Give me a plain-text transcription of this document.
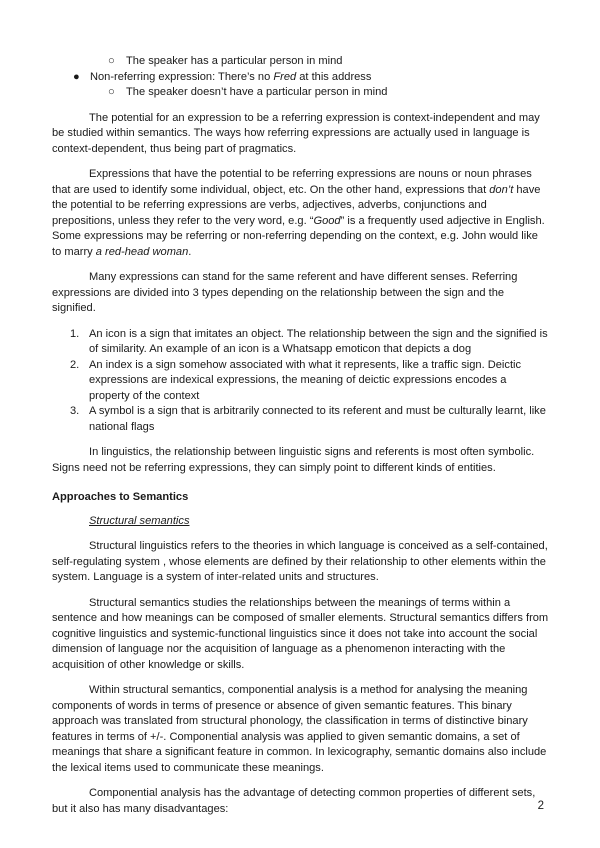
○ The speaker has a particular person in mind
● Non-referring expression: There’s no Fred at this address
○ The speaker doesn’t have a particular person in mind

The potential for an expression to be a referring expression is context-independent and may be studied within semantics. The ways how referring expressions are actually used in language is context-dependent, thus being part of pragmatics.

Expressions that have the potential to be referring expressions are nouns or noun phrases that are used to identify some individual, object, etc. On the other hand, expressions that don’t have the potential to be referring expressions are verbs, adjectives, adverbs, conjunctions and prepositions, unless they refer to the very word, e.g. “Good” is a frequently used adjective in English. Some expressions may be referring or non-referring depending on the context, e.g. John would like to marry a red-head woman.

Many expressions can stand for the same referent and have different senses. Referring expressions are divided into 3 types depending on the relationship between the sign and the signified.

1. An icon is a sign that imitates an object. The relationship between the sign and the signified is of similarity. An example of an icon is a Whatsapp emoticon that depicts a dog
2. An index is a sign somehow associated with what it represents, like a traffic sign. Deictic expressions are indexical expressions, the meaning of deictic expressions encodes a property of the context
3. A symbol is a sign that is arbitrarily connected to its referent and must be culturally learnt, like national flags

In linguistics, the relationship between linguistic signs and referents is most often symbolic. Signs need not be referring expressions, they can simply point to different kinds of entities.

Approaches to Semantics
Structural semantics

Structural linguistics refers to the theories in which language is conceived as a self-contained, self-regulating system , whose elements are defined by their relationship to other elements within the system. Language is a system of inter-related units and structures.

Structural semantics studies the relationships between the meanings of terms within a sentence and how meanings can be composed of smaller elements. Structural semantics differs from cognitive linguistics and systemic-functional linguistics since it does not take into account the social dimension of language nor the acquisition of language as a phenomenon interacting with the acquisition of other knowledge or skills.

Within structural semantics, componential analysis is a method for analysing the meaning components of words in terms of presence or absence of given semantic features. This binary approach was translated from structural phonology, the classification in terms of distinctive binary features in terms of +/-. Componential analysis was applied to given semantic domains, a set of meanings that share a significant feature in common. In lexicography, semantic domains also include the lexical items used to communicate these meanings.

Componential analysis has the advantage of detecting common properties of different sets, but it also has many disadvantages:	2
